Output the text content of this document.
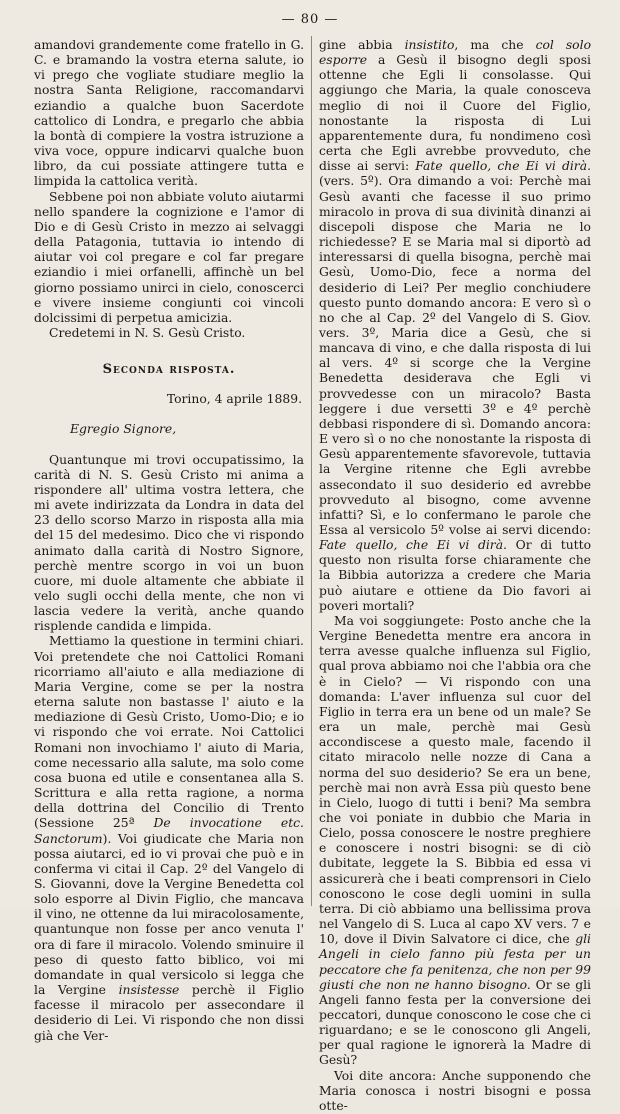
— 80 —

amandovi grandemente come fratello in G. C. e bramando la vostra eterna salute, io vi prego che vogliate studiare meglio la nostra Santa Religione, raccomandarvi eziandio a qualche buon Sacerdote cattolico di Londra, e pregarlo che abbia la bontà di compiere la vostra istruzione a viva voce, oppure indicarvi qualche buon libro, da cui possiate attingere tutta e limpida la cattolica verità.

Sebbene poi non abbiate voluto aiutarmi nello spandere la cognizione e l'amor di Dio e di Gesù Cristo in mezzo ai selvaggi della Patagonia, tuttavia io intendo di aiutar voi col pregare e col far pregare eziandio i miei orfanelli, affinchè un bel giorno possiamo unirci in cielo, conoscerci e vivere insieme congiunti coi vincoli dolcissimi di perpetua amicizia.

Credetemi in N. S. Gesù Cristo.

Seconda risposta.
Torino, 4 aprile 1889.
Egregio Signore,

Quantunque mi trovi occupatissimo, la carità di N. S. Gesù Cristo mi anima a rispondere all' ultima vostra lettera, che mi avete indirizzata da Londra in data del 23 dello scorso Marzo in risposta alla mia del 15 del medesimo. Dico che vi rispondo animato dalla carità di Nostro Signore, perchè mentre scorgo in voi un buon cuore, mi duole altamente che abbiate il velo sugli occhi della mente, che non vi lascia vedere la verità, anche quando risplende candida e limpida.

Mettiamo la questione in termini chiari. Voi pretendete che noi Cattolici Romani ricorriamo all'aiuto e alla mediazione di Maria Vergine, come se per la nostra eterna salute non bastasse l' aiuto e la mediazione di Gesù Cristo, Uomo-Dio; e io vi rispondo che voi errate. Noi Cattolici Romani non invochiamo l' aiuto di Maria, come necessario alla salute, ma solo come cosa buona ed utile e consentanea alla S. Scrittura e alla retta ragione, a norma della dottrina del Concilio di Trento (Sessione 25ª De invocatione etc. Sanctorum). Voi giudicate che Maria non possa aiutarci, ed io vi provai che può e in conferma vi citai il Cap. 2º del Vangelo di S. Giovanni, dove la Vergine Benedetta col solo esporre al Divin Figlio, che mancava il vino, ne ottenne da lui miracolosamente, quantunque non fosse per anco venuta l' ora di fare il miracolo. Volendo sminuire il peso di questo fatto biblico, voi mi domandate in qual versicolo si legga che la Vergine insistesse perchè il Figlio facesse il miracolo per assecondare il desiderio di Lei. Vi rispondo che non dissi già che Ver-

gine abbia insistito, ma che col solo esporre a Gesù il bisogno degli sposi ottenne che Egli li consolasse. Qui aggiungo che Maria, la quale conosceva meglio di noi il Cuore del Figlio, nonostante la risposta di Lui apparentemente dura, fu nondimeno così certa che Egli avrebbe provveduto, che disse ai servi: Fate quello, che Ei vi dirà. (vers. 5º). Ora dimando a voi: Perchè mai Gesù avanti che facesse il suo primo miracolo in prova di sua divinità dinanzi ai discepoli dispose che Maria ne lo richiedesse? E se Maria mal si diportò ad interessarsi di quella bisogna, perchè mai Gesù, Uomo-Dio, fece a norma del desiderio di Lei? Per meglio conchiudere questo punto domando ancora: E vero sì o no che al Cap. 2º del Vangelo di S. Giov. vers. 3º, Maria dice a Gesù, che si mancava di vino, e che dalla risposta di lui al vers. 4º si scorge che la Vergine Benedetta desiderava che Egli vi provvedesse con un miracolo? Basta leggere i due versetti 3º e 4º perchè debbasi rispondere di sì. Domando ancora: E vero sì o no che nonostante la risposta di Gesù apparentemente sfavorevole, tuttavia la Vergine ritenne che Egli avrebbe assecondato il suo desiderio ed avrebbe provveduto al bisogno, come avvenne infatti? Sì, e lo confermano le parole che Essa al versicolo 5º volse ai servi dicendo: Fate quello, che Ei vi dirà. Or di tutto questo non risulta forse chiaramente che la Bibbia autorizza a credere che Maria può aiutare e ottiene da Dio favori ai poveri mortali?

Ma voi soggiungete: Posto anche che la Vergine Benedetta mentre era ancora in terra avesse qualche influenza sul Figlio, qual prova abbiamo noi che l'abbia ora che è in Cielo? — Vi rispondo con una domanda: L'aver influenza sul cuor del Figlio in terra era un bene od un male? Se era un male, perchè mai Gesù accondiscese a questo male, facendo il citato miracolo nelle nozze di Cana a norma del suo desiderio? Se era un bene, perchè mai non avrà Essa più questo bene in Cielo, luogo di tutti i beni? Ma sembra che voi poniate in dubbio che Maria in Cielo, possa conoscere le nostre preghiere e conoscere i nostri bisogni: se di ciò dubitate, leggete la S. Bibbia ed essa vi assicurerà che i beati comprensori in Cielo conoscono le cose degli uomini in sulla terra. Di ciò abbiamo una bellissima prova nel Vangelo di S. Luca al capo XV vers. 7 e 10, dove il Divin Salvatore ci dice, che gli Angeli in cielo fanno più festa per un peccatore che fa penitenza, che non per 99 giusti che non ne hanno bisogno. Or se gli Angeli fanno festa per la conversione dei peccatori, dunque conoscono le cose che ci riguardano; e se le conoscono gli Angeli, per qual ragione le ignorerà la Madre di Gesù?

Voi dite ancora: Anche supponendo che Maria conosca i nostri bisogni e possa otte-
